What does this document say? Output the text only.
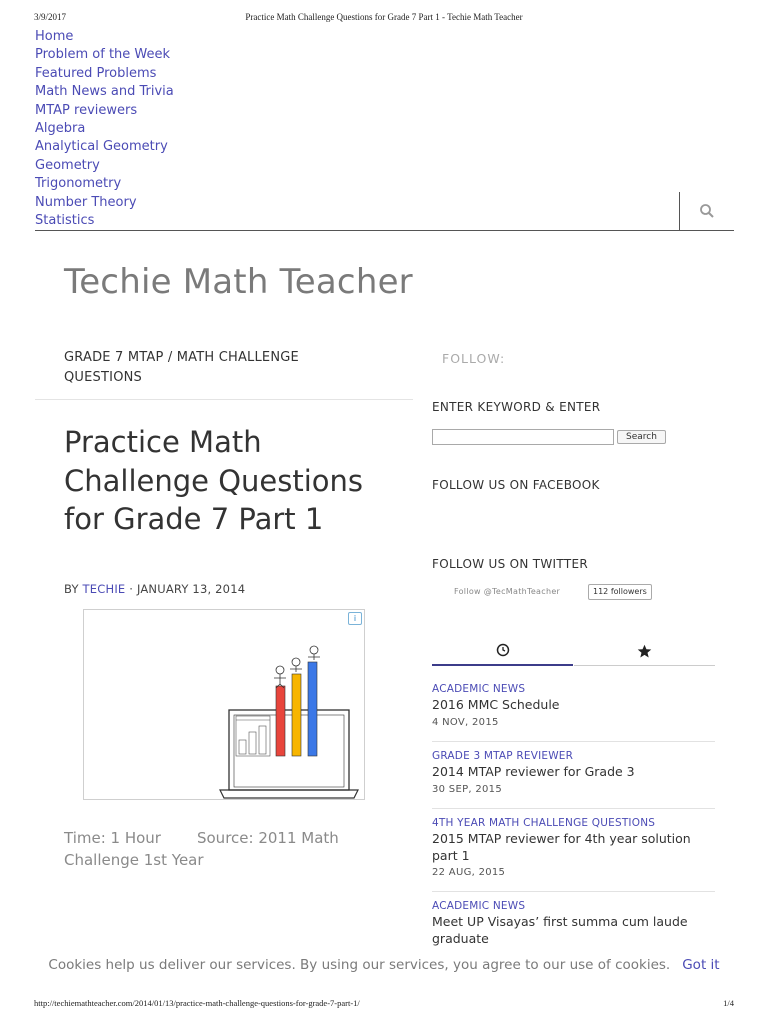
3/9/2017	Practice Math Challenge Questions for Grade 7 Part 1 - Techie Math Teacher
Home
Problem of the Week
Featured Problems
Math News and Trivia
MTAP reviewers
Algebra
Analytical Geometry
Geometry
Trigonometry
Number Theory
Statistics
Techie Math Teacher
GRADE 7 MTAP / MATH CHALLENGE QUESTIONS
Practice Math Challenge Questions for Grade 7 Part 1
BY TECHIE · JANUARY 13, 2014
i
Time: 1 Hour Source: 2011 Math Challenge 1st Year
FOLLOW:
ENTER KEYWORD & ENTER
Search
FOLLOW US ON FACEBOOK
FOLLOW US ON TWITTER
Follow @TecMathTeacher	112 followers
ACADEMIC NEWS
2016 MMC Schedule
4 NOV, 2015
GRADE 3 MTAP REVIEWER
2014 MTAP reviewer for Grade 3
30 SEP, 2015
4TH YEAR MATH CHALLENGE QUESTIONS
2015 MTAP reviewer for 4th year solution part 1
22 AUG, 2015
ACADEMIC NEWS
Meet UP Visayas’ first summa cum laude graduate
Cookies help us deliver our services. By using our services, you agree to our use of cookies. Got it
http://techiemathteacher.com/2014/01/13/practice-math-challenge-questions-for-grade-7-part-1/	1/4
